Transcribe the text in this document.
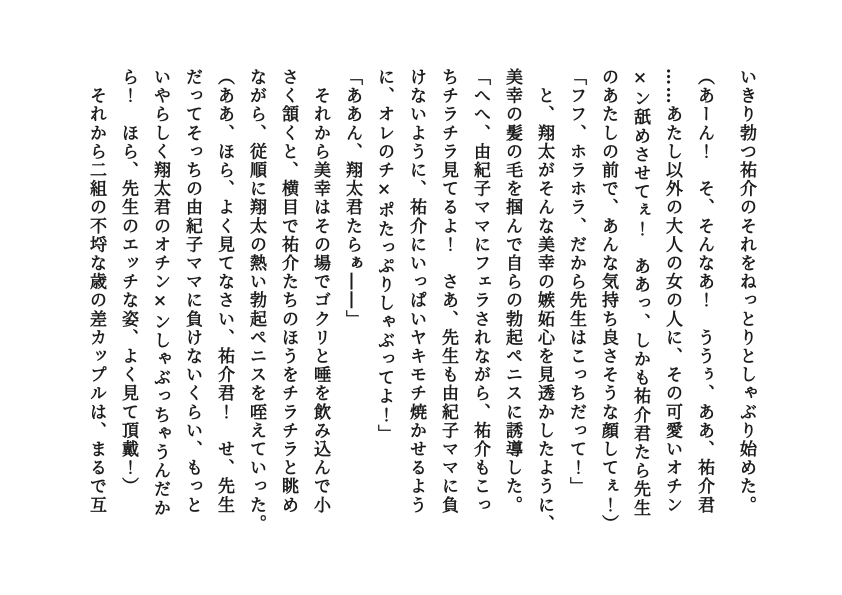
いきり勃つ祐介のそれをねっとりとしゃぶり始めた。
（あーん！　そ、そんなあ！　ううぅ、ああ、祐介君
……あたし以外の大人の女の人に、その可愛いオチン
×ン舐めさせてぇ！　ああっ、しかも祐介君たら先生
のあたしの前で、あんな気持ち良さそうな顔してぇ！）
「フフ、ホラホラ、だから先生はこっちだって！」
　と、翔太がそんな美幸の嫉妬心を見透かしたように、
美幸の髪の毛を掴んで自らの勃起ペニスに誘導した。
「へへ、由紀子ママにフェラされながら、祐介もこっ
ちチラチラ見てるよ！　さあ、先生も由紀子ママに負
けないように、祐介にいっぱいヤキモチ焼かせるよう
に、オレのチ×ポたっぷりしゃぶってよ！」
「ああん、翔太君たらぁ――」
　それから美幸はその場でゴクリと唾を飲み込んで小
さく頷くと、横目で祐介たちのほうをチラチラと眺め
ながら、従順に翔太の熱い勃起ペニスを咥えていった。
（ああ、ほら、よく見てなさい、祐介君！　せ、先生
だってそっちの由紀子ママに負けないくらい、もっと
いやらしく翔太君のオチン×ンしゃぶっちゃうんだか
ら！　ほら、先生のエッチな姿、よく見て頂戴！）
　それから二組の不埒な歳の差カップルは、まるで互
